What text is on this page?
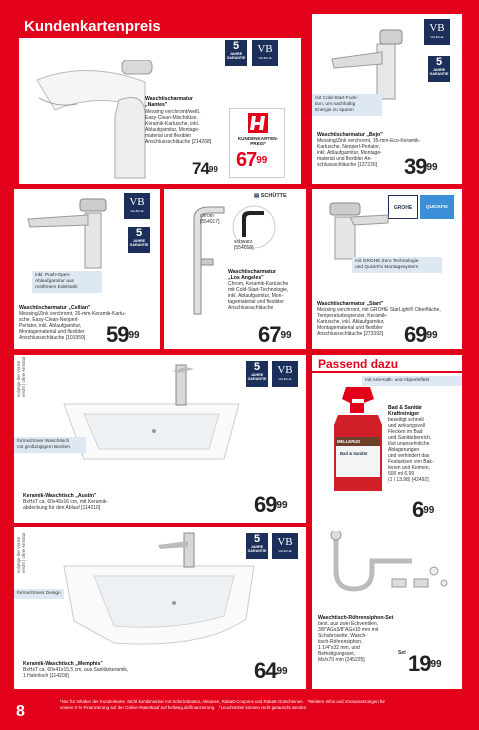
Kundenkartenpreis
Waschtischarmatur
„Nantes"
Messing verchromt/weiß,
Easy-Clean-Mischdüse,
Keramik-Kartusche, inkl.
Ablaufgarnitur, Montage-
material und flexibler
Anschlussschläuche [214268]
5
JAHRE
GARANTIE
VB
VALBLUE
$74^{99}$
KUNDENKARTEN-
PREIS*
$67^{99}$
VB
VALBLUE
5
JAHRE
GARANTIE
mit Cold-Start-Funk-
tion, um nachhaltig
Energie zu sparen
Waschtischarmatur „Bejo"
Messing/Zink verchromt, 35-mm-Eco-Keramik-
Kartusche, Neoperl-Perlator,
inkl. Ablaufgarnitur, Montage-
material und flexibler An-
schlussschläuche [127226]	$39^{99}$
VB
VALBLUE
5
JAHRE
GARANTIE
inkl. Push-Open-
Ablaufgarnitur aus
rostfreiem Edelstahl
Waschtischarmatur „Cellian"
Messing/Zink verchromt, 26-mm-Keramik-Kartu-
sche, Easy-Clean-Neoperl-
Perlator, inkl. Ablaufgarnitur,
Montagematerial und flexibler
Anschlussschläuche [101959] $59^{99}$
▤ SCHÜTTE
chrom
[554017]
schwarz
[554018]
Waschtischarmatur
„Los Angeles"
Chrom, Keramik-Kartusche
mit Cold-Start-Technologie,
inkl. Ablaufgarnitur, Mon-
tagematerial und flexibler
Anschlussschläuche
$67^{99}$
GROHE	QUICKFIX
mit GROHE Zero Technologie
und QuickFix Montagesystem
Waschtischarmatur „Start"
Messing verchromt, mit GROHE StarLight® Oberfläche,
Temperaturbegrenzer, Keramik-
Kartusche, inkl. Ablaufgarnitur,
Montagematerial und flexibler
Anschlussschläuche [273392] $69^{99}$
solange der Vorrat
reicht | ohne Armatur	5
JAHRE
GARANTIE
VB
VALBLUE
formschöner Waschtisch
mit großzügigem Becken
Keramik-Waschtisch „Austin"
BxHxT ca. 60x46x16 cm, mit Keramik-
abdeckung für den Ablauf [114210]	$69^{99}$
solange der Vorrat
reicht | ohne Armatur	5
JAHRE
GARANTIE
VB
VALBLUE
formschönes Design
Keramik-Waschtisch „Memphis"
BxHxT ca. 60x41x15,5 cm, aus Sanitärkeramik,
1 Hahnloch [114209]	$64^{99}$
Passend dazu
mit Anti-Kalk- und Abperleffekt
MELLERUD
Bad & Sanitär
Bad & Sanitär
Kraftreiniger
beseitigt schnell
und wirkungsvoll
Flecken im Bad
und Sanitärbereich,
löst unansehnliche
Ablagerungen
und verhindert das
Festsetzen von Bak-
terien und Keimen,
500 ml 6.99
(1 l 13.98) [42492]
$6^{99}$
Waschtisch-Röhrensiphon-Set
best. aus zwei Eckventilen,
3/8"AGx3/8"AGx10 mm mit
Schubrosette, Wasch-
tisch-Röhrensiphon,
1 1/4"x32 mm, und
Befestigungsset,
Ms/x70 mm [245225]
Set $19^{99}$
8
*Nur für Inhaber der Kundenkarte. Nicht kombinierbar mit Sofortrabatten, Aktionen, Rabatt-Coupons und Rabatt-Gutscheinen.   *Weitere Infos und Voraussetzungen für
unsere 0 %-Finanzierung auf der Online-Ratenkauf auf hellweg.de/finanzierung.   *Leuchtmittel können nicht getauscht werden.
